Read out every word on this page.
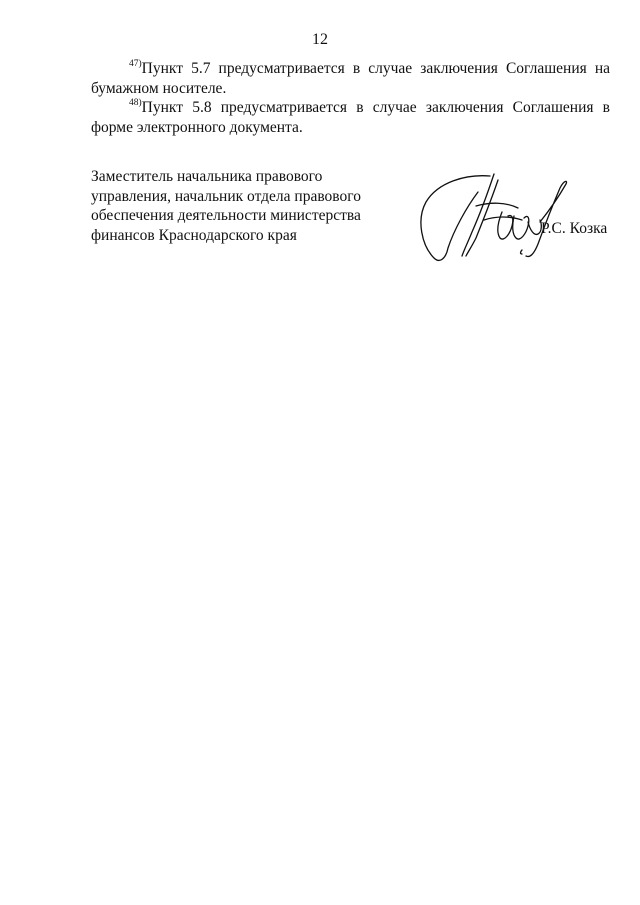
12

$^{47)}$Пункт 5.7 предусматривается в случае заключения Соглашения на бумажном носителе.

$^{48)}$Пункт 5.8 предусматривается в случае заключения Соглашения в форме электронного документа.

Заместитель начальника правового
управления, начальник отдела правового
обеспечения деятельности министерства
финансов Краснодарского края	Р.С. Козка
